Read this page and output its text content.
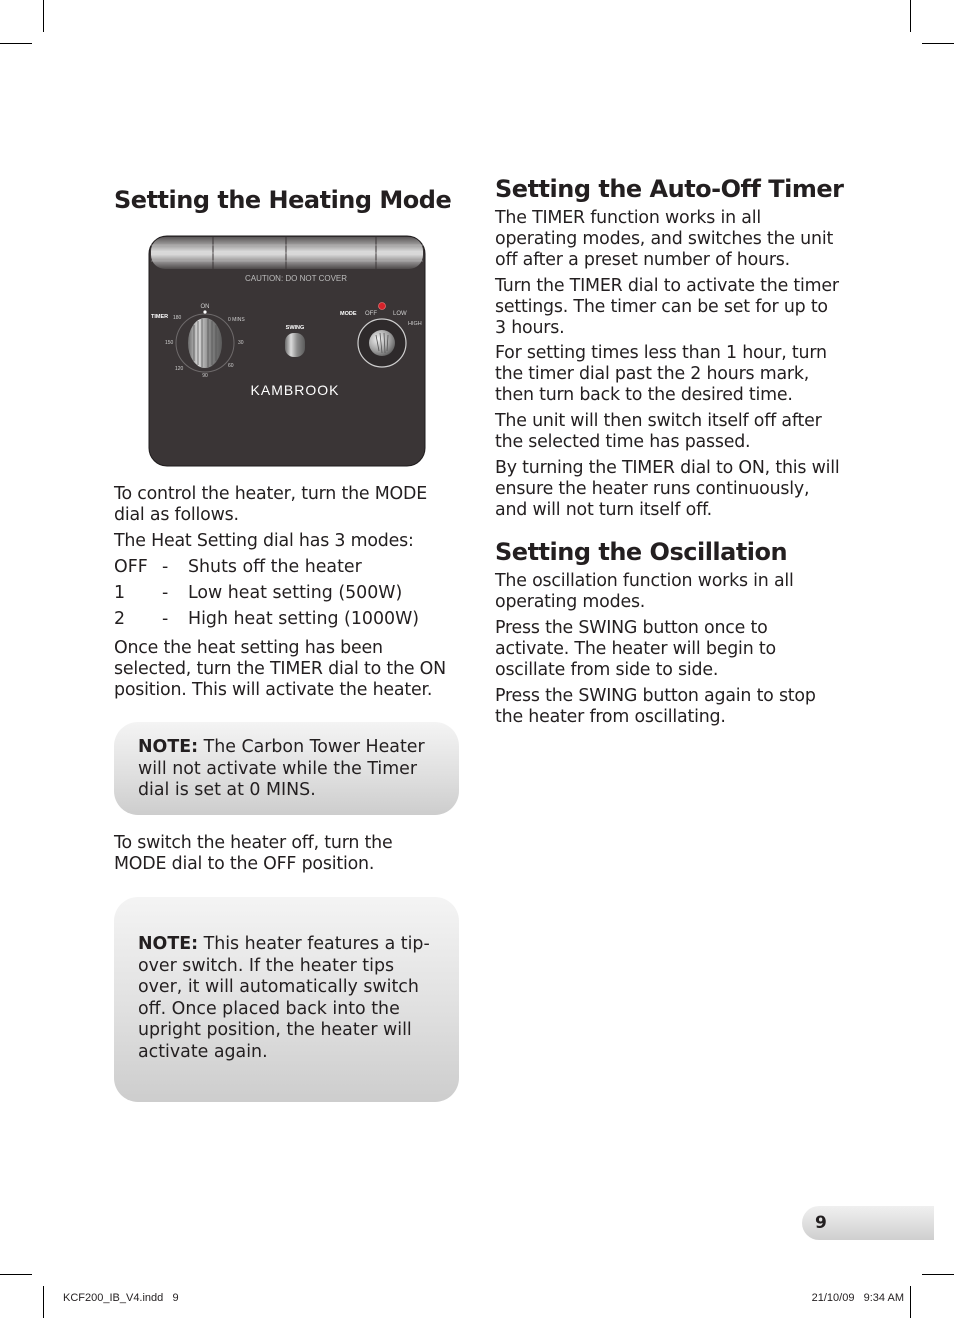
Setting the Heating Mode
CAUTION: DO NOT COVER
TIMER
ON
0 MINS
30
60
90
120
150
180
SWING
MODE OFF	LOW
HIGH
KAMBROOK

To control the heater, turn the MODE dial as follows.

The Heat Setting dial has 3 modes:

OFF - Shuts off the heater
1 - Low heat setting (500W)
2 - High heat setting (1000W)

Once the heat setting has been selected, turn the TIMER dial to the ON position. This will activate the heater.

NOTE: The Carbon Tower Heater will not activate while the Timer dial is set at 0 MINS.

To switch the heater off, turn the MODE dial to the OFF position.

NOTE: This heater features a tip-over switch. If the heater tips over, it will automatically switch off. Once placed back into the upright position, the heater will activate again.

Setting the Auto-Off Timer

The TIMER function works in all operating modes, and switches the unit off after a preset number of hours.

Turn the TIMER dial to activate the timer settings. The timer can be set for up to 3 hours.

For setting times less than 1 hour, turn the timer dial past the 2 hours mark, then turn back to the desired time.

The unit will then switch itself off after the selected time has passed.

By turning the TIMER dial to ON, this will ensure the heater runs continuously, and will not turn itself off.

Setting the Oscillation

The oscillation function works in all operating modes.

Press the SWING button once to activate. The heater will begin to oscillate from side to side.

Press the SWING button again to stop the heater from oscillating.

9
KCF200_IB_V4.indd   9	21/10/09   9:34 AM
